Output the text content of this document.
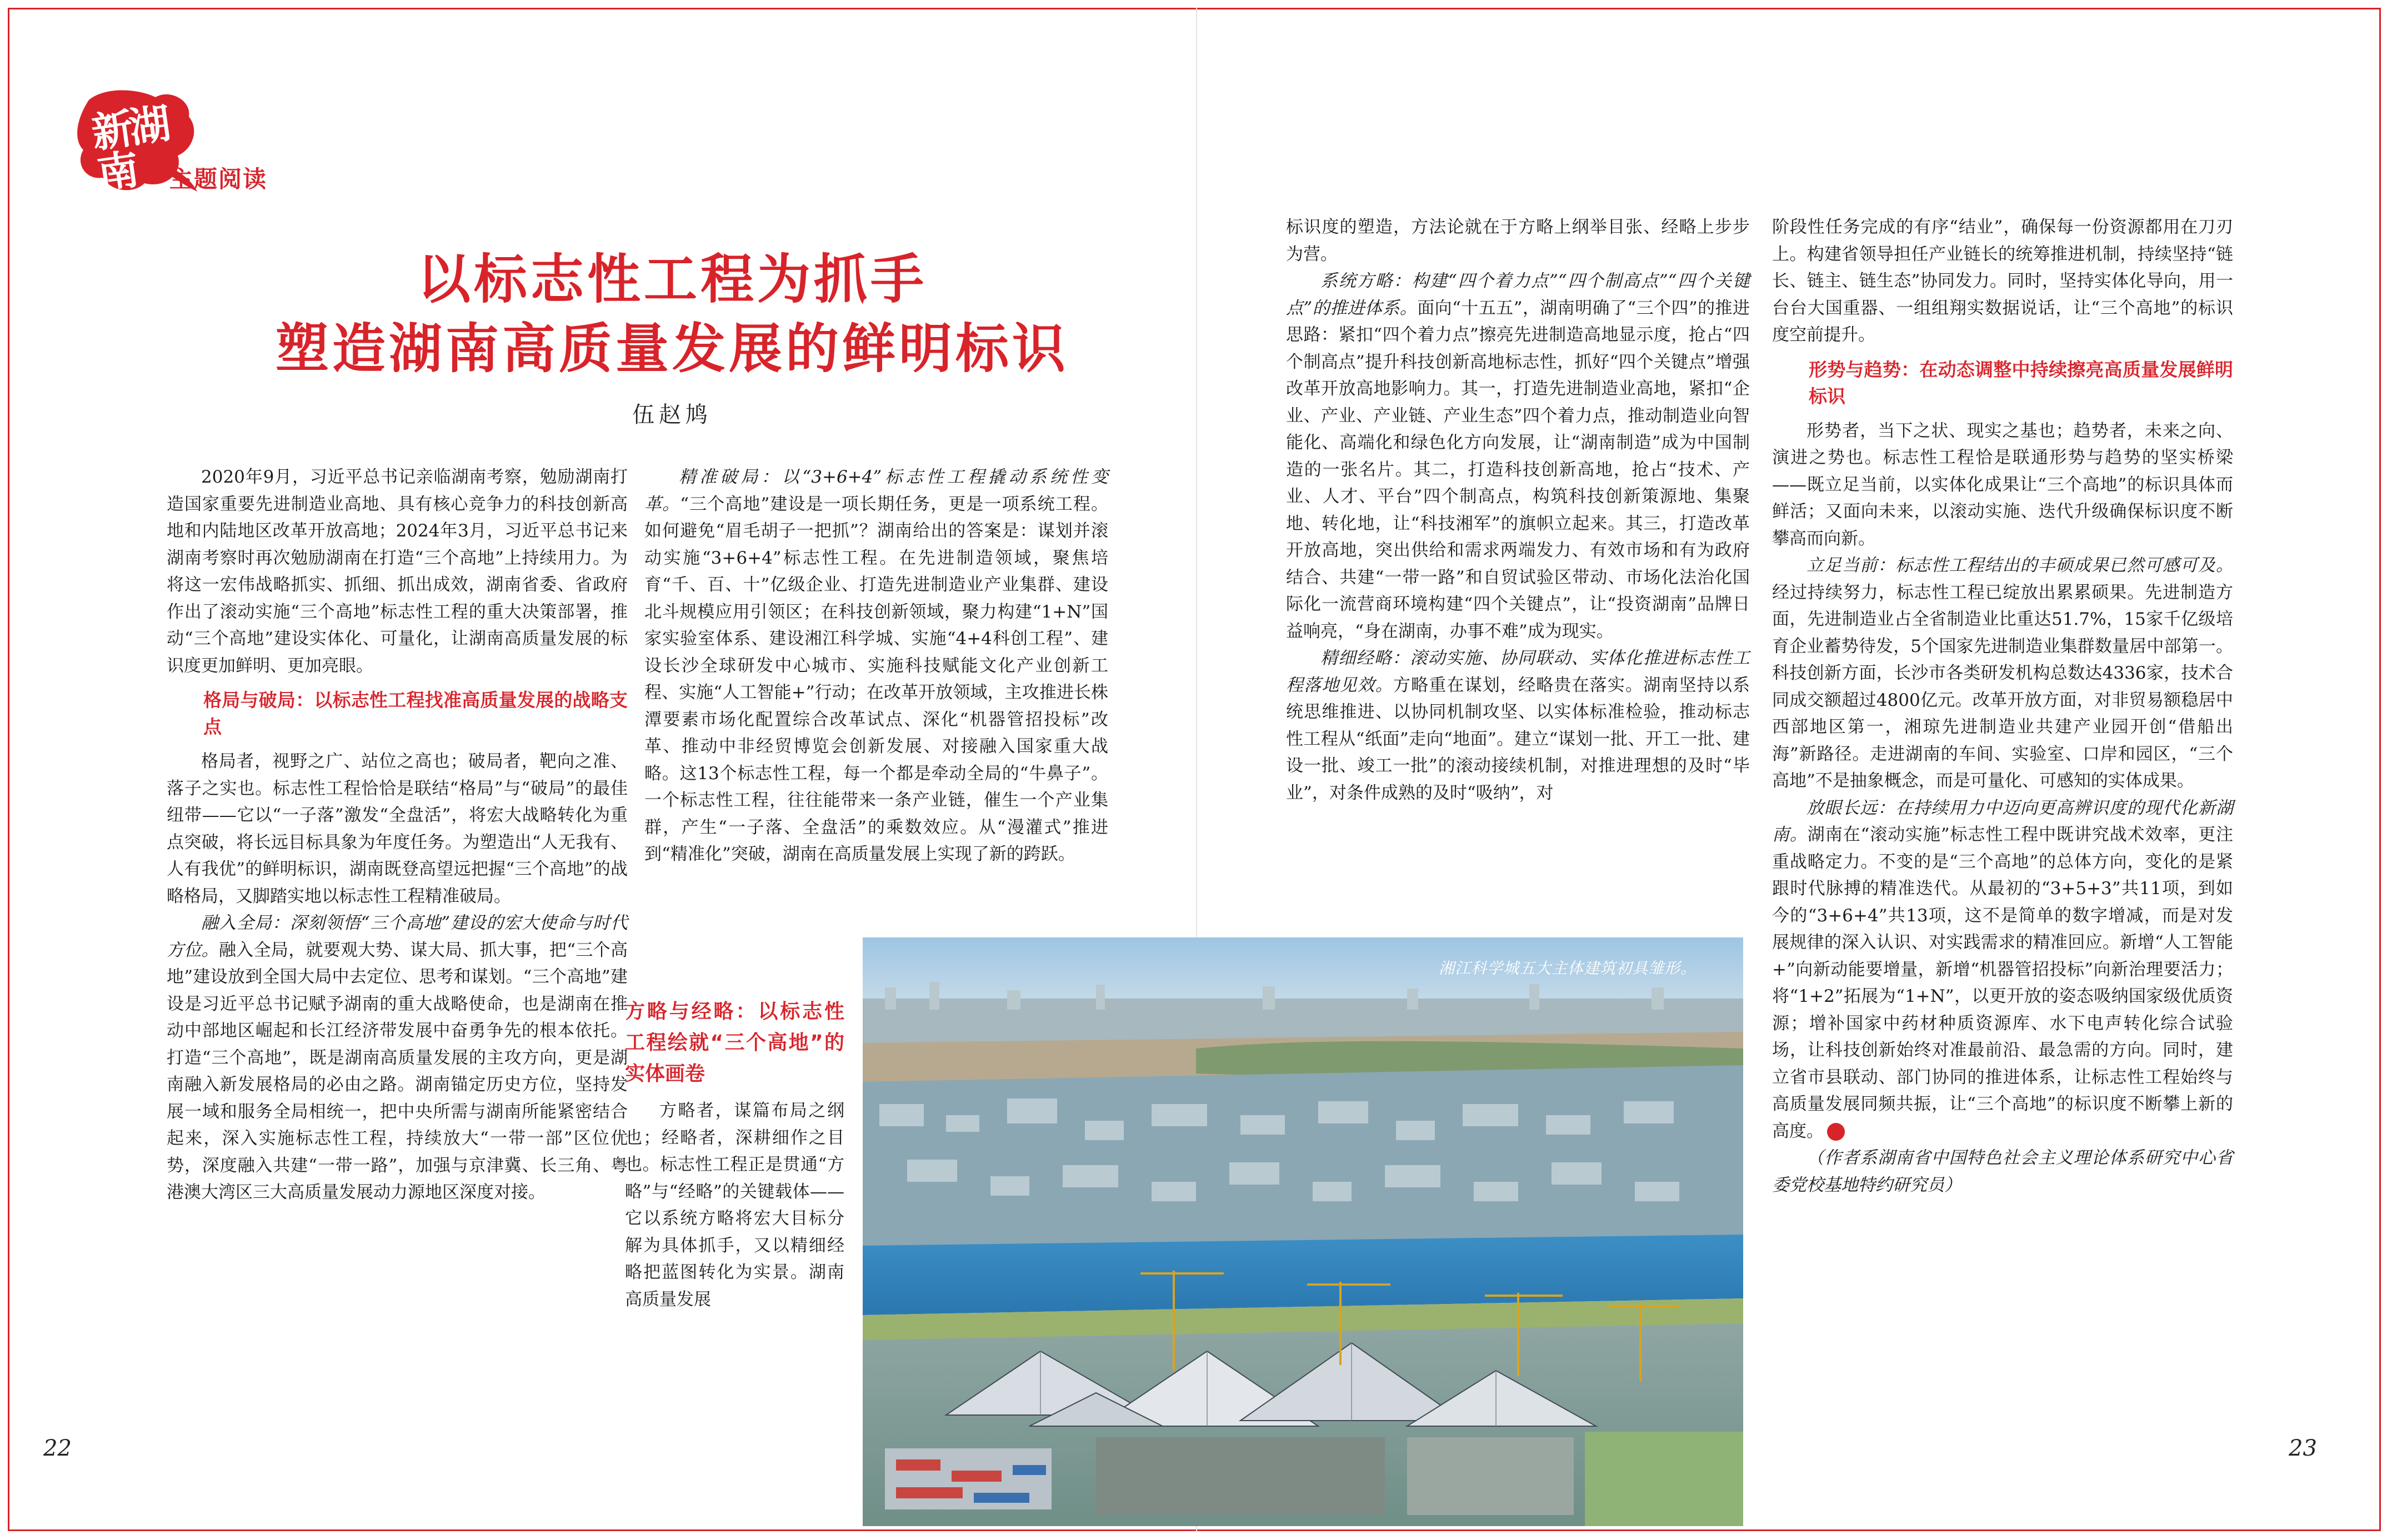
新湖南	主题阅读
以标志性工程为抓手
塑造湖南高质量发展的鲜明标识
伍赵鸠

2020年9月，习近平总书记亲临湖南考察，勉励湖南打造国家重要先进制造业高地、具有核心竞争力的科技创新高地和内陆地区改革开放高地；2024年3月，习近平总书记来湖南考察时再次勉励湖南在打造“三个高地”上持续用力。为将这一宏伟战略抓实、抓细、抓出成效，湖南省委、省政府作出了滚动实施“三个高地”标志性工程的重大决策部署，推动“三个高地”建设实体化、可量化，让湖南高质量发展的标识度更加鲜明、更加亮眼。

格局与破局：以标志性工程找准高质量发展的战略支点

格局者，视野之广、站位之高也；破局者，靶向之准、落子之实也。标志性工程恰恰是联结“格局”与“破局”的最佳纽带——它以“一子落”激发“全盘活”，将宏大战略转化为重点突破，将长远目标具象为年度任务。为塑造出“人无我有、人有我优”的鲜明标识，湖南既登高望远把握“三个高地”的战略格局，又脚踏实地以标志性工程精准破局。

融入全局：深刻领悟“三个高地”建设的宏大使命与时代方位。融入全局，就要观大势、谋大局、抓大事，把“三个高地”建设放到全国大局中去定位、思考和谋划。“三个高地”建设是习近平总书记赋予湖南的重大战略使命，也是湖南在推动中部地区崛起和长江经济带发展中奋勇争先的根本依托。打造“三个高地”，既是湖南高质量发展的主攻方向，更是湖南融入新发展格局的必由之路。湖南锚定历史方位，坚持发展一域和服务全局相统一，把中央所需与湖南所能紧密结合起来，深入实施标志性工程，持续放大“一带一部”区位优势，深度融入共建“一带一路”，加强与京津冀、长三角、粤港澳大湾区三大高质量发展动力源地区深度对接。

精准破局：以“3+6+4”标志性工程撬动系统性变革。“三个高地”建设是一项长期任务，更是一项系统工程。如何避免“眉毛胡子一把抓”？湖南给出的答案是：谋划并滚动实施“3+6+4”标志性工程。在先进制造领域，聚焦培育“千、百、十”亿级企业、打造先进制造业产业集群、建设北斗规模应用引领区；在科技创新领域，聚力构建“1+N”国家实验室体系、建设湘江科学城、实施“4+4科创工程”、建设长沙全球研发中心城市、实施科技赋能文化产业创新工程、实施“人工智能+”行动；在改革开放领域，主攻推进长株潭要素市场化配置综合改革试点、深化“机器管招投标”改革、推动中非经贸博览会创新发展、对接融入国家重大战略。这13个标志性工程，每一个都是牵动全局的“牛鼻子”。一个标志性工程，往往能带来一条产业链，催生一个产业集群，产生“一子落、全盘活”的乘数效应。从“漫灌式”推进到“精准化”突破，湖南在高质量发展上实现了新的跨跃。

方略与经略：以标志性工程绘就“三个高地”的实体画卷

方略者，谋篇布局之纲也；经略者，深耕细作之目也。标志性工程正是贯通“方略”与“经略”的关键载体——它以系统方略将宏大目标分解为具体抓手，又以精细经略把蓝图转化为实景。湖南高质量发展

标识度的塑造，方法论就在于方略上纲举目张、经略上步步为营。

系统方略：构建“四个着力点”“四个制高点”“四个关键点”的推进体系。面向“十五五”，湖南明确了“三个四”的推进思路：紧扣“四个着力点”擦亮先进制造高地显示度，抢占“四个制高点”提升科技创新高地标志性，抓好“四个关键点”增强改革开放高地影响力。其一，打造先进制造业高地，紧扣“企业、产业、产业链、产业生态”四个着力点，推动制造业向智能化、高端化和绿色化方向发展，让“湖南制造”成为中国制造的一张名片。其二，打造科技创新高地，抢占“技术、产业、人才、平台”四个制高点，构筑科技创新策源地、集聚地、转化地，让“科技湘军”的旗帜立起来。其三，打造改革开放高地，突出供给和需求两端发力、有效市场和有为政府结合、共建“一带一路”和自贸试验区带动、市场化法治化国际化一流营商环境构建“四个关键点”，让“投资湖南”品牌日益响亮，“身在湖南，办事不难”成为现实。

精细经略：滚动实施、协同联动、实体化推进标志性工程落地见效。方略重在谋划，经略贵在落实。湖南坚持以系统思维推进、以协同机制攻坚、以实体标准检验，推动标志性工程从“纸面”走向“地面”。建立“谋划一批、开工一批、建设一批、竣工一批”的滚动接续机制，对推进理想的及时“毕业”，对条件成熟的及时“吸纳”，对

阶段性任务完成的有序“结业”，确保每一份资源都用在刀刃上。构建省领导担任产业链长的统筹推进机制，持续坚持“链长、链主、链生态”协同发力。同时，坚持实体化导向，用一台台大国重器、一组组翔实数据说话，让“三个高地”的标识度空前提升。

形势与趋势：在动态调整中持续擦亮高质量发展鲜明标识

形势者，当下之状、现实之基也；趋势者，未来之向、演进之势也。标志性工程恰是联通形势与趋势的坚实桥梁——既立足当前，以实体化成果让“三个高地”的标识具体而鲜活；又面向未来，以滚动实施、迭代升级确保标识度不断攀高而向新。

立足当前：标志性工程结出的丰硕成果已然可感可及。经过持续努力，标志性工程已绽放出累累硕果。先进制造方面，先进制造业占全省制造业比重达51.7%，15家千亿级培育企业蓄势待发，5个国家先进制造业集群数量居中部第一。科技创新方面，长沙市各类研发机构总数达4336家，技术合同成交额超过4800亿元。改革开放方面，对非贸易额稳居中西部地区第一，湘琼先进制造业共建产业园开创“借船出海”新路径。走进湖南的车间、实验室、口岸和园区，“三个高地”不是抽象概念，而是可量化、可感知的实体成果。

放眼长远：在持续用力中迈向更高辨识度的现代化新湖南。湖南在“滚动实施”标志性工程中既讲究战术效率，更注重战略定力。不变的是“三个高地”的总体方向，变化的是紧跟时代脉搏的精准迭代。从最初的“3+5+3”共11项，到如今的“3+6+4”共13项，这不是简单的数字增减，而是对发展规律的深入认识、对实践需求的精准回应。新增“人工智能+”向新动能要增量，新增“机器管招投标”向新治理要活力；将“1+2”拓展为“1+N”，以更开放的姿态吸纳国家级优质资源；增补国家中药材种质资源库、水下电声转化综合试验场，让科技创新始终对准最前沿、最急需的方向。同时，建立省市县联动、部门协同的推进体系，让标志性工程始终与高质量发展同频共振，让“三个高地”的标识度不断攀上新的高度。	◆

（作者系湖南省中国特色社会主义理论体系研究中心省委党校基地特约研究员）

湘江科学城五大主体建筑初具雏形。
22	23
